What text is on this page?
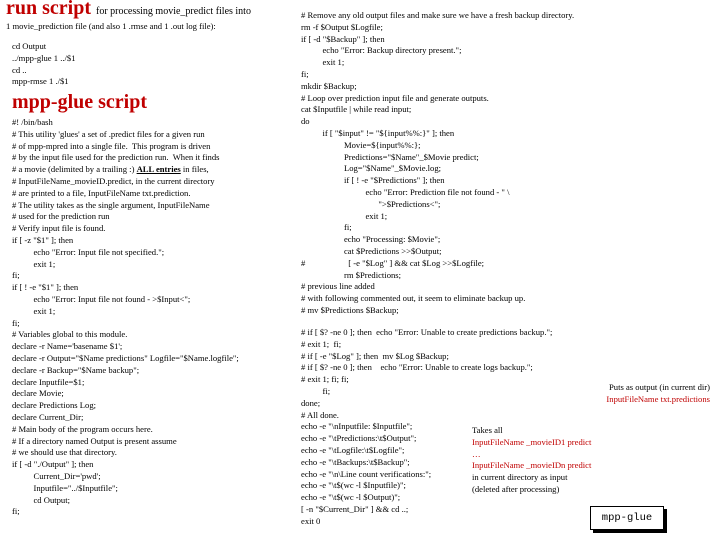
run script for processing movie_predict files into
1 movie_prediction file (and also 1 .rmse and 1 .out log file):
cd Output
../mpp-glue 1 ../$1
cd ..
mpp-rmse 1 ./$1
mpp-glue script
#! /bin/bash
# This utility 'glues' a set of .predict files for a given run
# of mpp-mpred into a single file.  This program is driven
# by the input file used for the prediction run.  When it finds
# a movie (delimited by a trailing :) ALL entries in files,
# InputFileName_movieID.predict, in the current directory
# are printed to a file, InputFileName txt.prediction.
# The utility takes as the single argument, InputFileName
# used for the prediction run
# Verify input file is found.
if [ -z "$1" ]; then
echo "Error: Input file not specified.";
exit 1;
fi;
if [ ! -e "$1" ]; then
echo "Error: Input file not found - >$Input<";
exit 1;
fi;
# Variables global to this module.
declare -r Name='basename $1';
declare -r Output="$Name predictions" Logfile="$Name.logfile";
declare -r Backup="$Name backup";
declare Inputfile=$1;
declare Movie;
declare Predictions Log;
declare Current_Dir;
# Main body of the program occurs here.
# If a directory named Output is present assume
# we should use that directory.
if [ -d "./Output" ]; then
Current_Dir='pwd';
Inputfile="../$Inputfile";
cd Output;
fi;
# Remove any old output files and make sure we have a fresh backup directory.
rm -f $Output $Logfile;
if [ -d "$Backup" ]; then
echo "Error: Backup directory present.";
exit 1;
fi;
mkdir $Backup;
# Loop over prediction input file and generate outputs.
cat $Inputfile | while read input;
do
if [ "$input" != "${input%%:}" ]; then
Movie=${input%%:};
Predictions="$Name"_$Movie predict;
Log="$Name"_$Movie.log;
if [ ! -e "$Predictions" ]; then
echo "Error: Prediction file not found - " \
">$Predictions<";
exit 1;
fi;
echo "Processing: $Movie";
cat $Predictions >>$Output;
#                    [ -e "$Log" ] && cat $Log >>$Logfile;
rm $Predictions;
# previous line added
# with following commented out, it seem to eliminate backup up.
# mv $Predictions $Backup;
# if [ $? -ne 0 ]; then  echo "Error: Unable to create predictions backup.";
# exit 1;  fi;
# if [ -e "$Log" ]; then  mv $Log $Backup;
# if [ $? -ne 0 ]; then    echo "Error: Unable to create logs backup.";
# exit 1; fi; fi;
fi;
done;
# All done.
echo -e "\nInputfile: $Inputfile";
echo -e "\tPredictions:\t$Output";
echo -e "\tLogfile:\t$Logfile";
echo -e "\tBackups:\t$Backup";
echo -e "\n\Line count verifications:";
echo -e "\t$(wc -l $Inputfile)";
echo -e "\t$(wc -l $Output)";
[ -n "$Current_Dir" ] && cd ..;
exit 0
Puts as output (in current dir)
InputFileName txt.predictions
Takes all
InputFileName _movieID1 predict
…
InputFileName _movieIDn predict
in current directory as input
(deleted after processing)
mpp-glue
